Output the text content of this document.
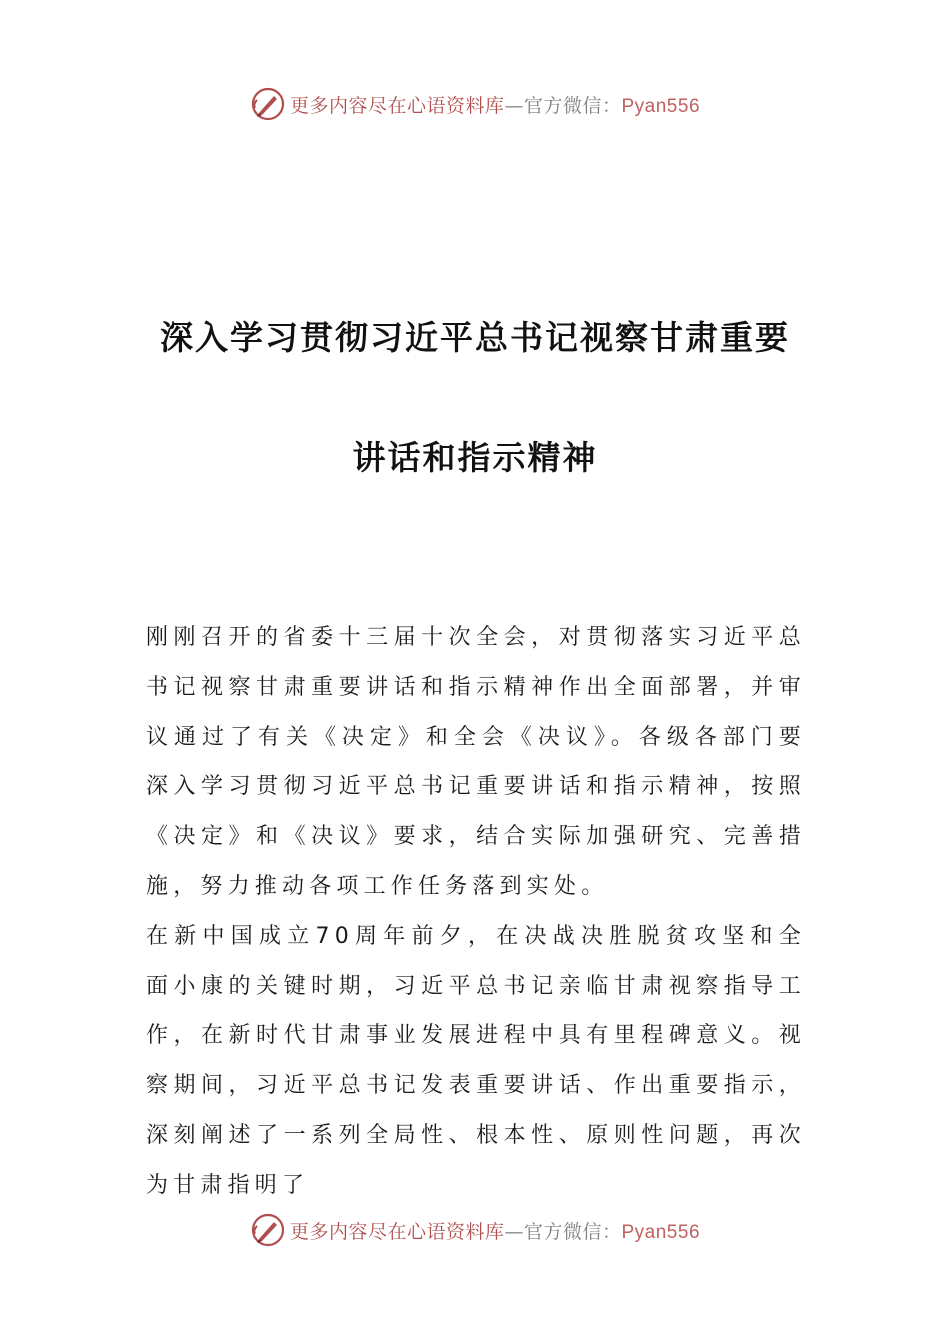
更多内容尽在心语资料库 — 官方微信： Pyan556
深入学习贯彻习近平总书记视察甘肃重要
讲话和指示精神

刚刚召开的省委十三届十次全会，对贯彻落实习近平总书记视察甘肃重要讲话和指示精神作出全面部署，并审议通过了有关《决定》和全会《决议》。各级各部门要深入学习贯彻习近平总书记重要讲话和指示精神，按照《决定》和《决议》要求，结合实际加强研究、完善措施，努力推动各项工作任务落到实处。

在新中国成立70周年前夕，在决战决胜脱贫攻坚和全面小康的关键时期，习近平总书记亲临甘肃视察指导工作，在新时代甘肃事业发展进程中具有里程碑意义。视察期间，习近平总书记发表重要讲话、作出重要指示，深刻阐述了一系列全局性、根本性、原则性问题，再次为甘肃指明了

更多内容尽在心语资料库 — 官方微信： Pyan556
